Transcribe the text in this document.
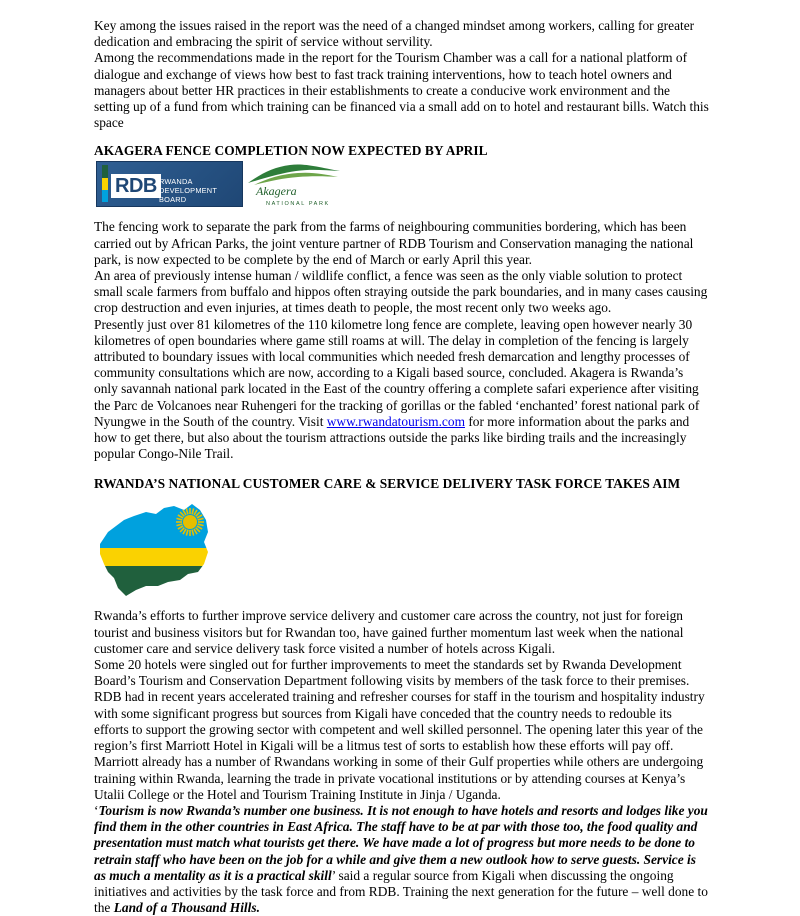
Key among the issues raised in the report was the need of a changed mindset among workers, calling for greater dedication and embracing the spirit of service without servility.

Among the recommendations made in the report for the Tourism Chamber was a call for a national platform of dialogue and exchange of views how best to fast track training interventions, how to teach hotel owners and managers about better HR practices in their establishments to create a conducive work environment and the setting up of a fund from which training can be financed via a small add on to hotel and restaurant bills. Watch this space

AKAGERA FENCE COMPLETION NOW EXPECTED BY APRIL
RDB RWANDA
DEVELOPMENT BOARD
Akagera
NATIONAL PARK

The fencing work to separate the park from the farms of neighbouring communities bordering, which has been carried out by African Parks, the joint venture partner of RDB Tourism and Conservation managing the national park, is now expected to be complete by the end of March or early April this year.

An area of previously intense human / wildlife conflict, a fence was seen as the only viable solution to protect small scale farmers from buffalo and hippos often straying outside the park boundaries, and in many cases causing crop destruction and even injuries, at times death to people, the most recent only two weeks ago.

Presently just over 81 kilometres of the 110 kilometre long fence are complete, leaving open however nearly 30 kilometres of open boundaries where game still roams at will. The delay in completion of the fencing is largely attributed to boundary issues with local communities which needed fresh demarcation and lengthy processes of community consultations which are now, according to a Kigali based source, concluded. Akagera is Rwanda’s only savannah national park located in the East of the country offering a complete safari experience after visiting the Parc de Volcanoes near Ruhengeri for the tracking of gorillas or the fabled ‘enchanted’ forest national park of Nyungwe in the South of the country. Visit www.rwandatourism.com for more information about the parks and how to get there, but also about the tourism attractions outside the parks like birding trails and the increasingly popular Congo-Nile Trail.

RWANDA’S NATIONAL CUSTOMER CARE & SERVICE DELIVERY TASK FORCE TAKES AIM

Rwanda’s efforts to further improve service delivery and customer care across the country, not just for foreign tourist and business visitors but for Rwandan too, have gained further momentum last week when the national customer care and service delivery task force visited a number of hotels across Kigali.

Some 20 hotels were singled out for further improvements to meet the standards set by Rwanda Development Board’s Tourism and Conservation Department following visits by members of the task force to their premises.

RDB had in recent years accelerated training and refresher courses for staff in the tourism and hospitality industry with some significant progress but sources from Kigali have conceded that the country needs to redouble its efforts to support the growing sector with competent and well skilled personnel. The opening later this year of the region’s first Marriott Hotel in Kigali will be a litmus test of sorts to establish how these efforts will pay off. Marriott already has a number of Rwandans working in some of their Gulf properties while others are undergoing training within Rwanda, learning the trade in private vocational institutions or by attending courses at Kenya’s Utalii College or the Hotel and Tourism Training Institute in Jinja / Uganda.

‘Tourism is now Rwanda’s number one business. It is not enough to have hotels and resorts and lodges like you find them in the other countries in East Africa. The staff have to be at par with those too, the food quality and presentation must match what tourists get there. We have made a lot of progress but more needs to be done to retrain staff who have been on the job for a while and give them a new outlook how to serve guests. Service is as much a mentality as it is a practical skill’ said a regular source from Kigali when discussing the ongoing initiatives and activities by the task force and from RDB. Training the next generation for the future – well done to the Land of a Thousand Hills.
